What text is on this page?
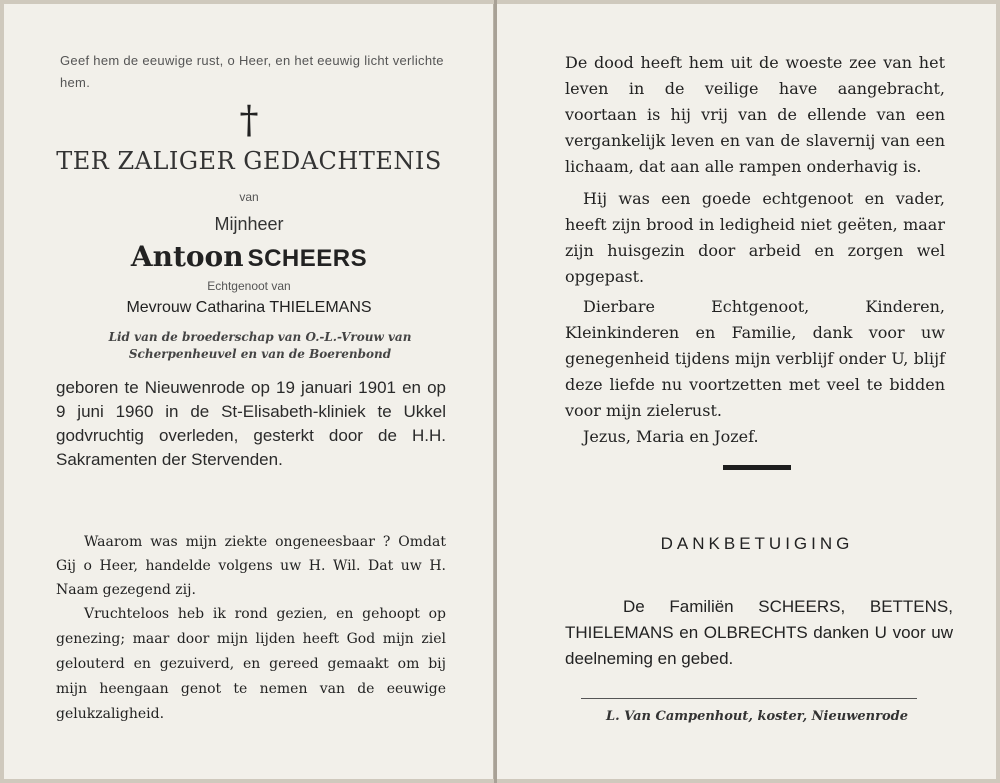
Geef hem de eeuwige rust, o Heer, en het eeuwig licht verlichte hem.
†
TER ZALIGER GEDACHTENIS
van
Mijnheer
Antoon SCHEERS
Echtgenoot van
Mevrouw Catharina THIELEMANS
Lid van de broederschap van O.-L.-Vrouw van Scherpenheuvel en van de Boerenbond
geboren te Nieuwenrode op 19 januari 1901 en op 9 juni 1960 in de St-Elisabeth-kliniek te Ukkel godvruchtig overleden, gesterkt door de H.H. Sakramenten der Stervenden.
Waarom was mijn ziekte ongeneesbaar ? Omdat Gij o Heer, handelde volgens uw H. Wil. Dat uw H. Naam gezegend zij.
Vruchteloos heb ik rond gezien, en gehoopt op genezing; maar door mijn lijden heeft God mijn ziel gelouterd en gezuiverd, en gereed gemaakt om bij mijn heengaan genot te nemen van de eeuwige gelukzaligheid.
De dood heeft hem uit de woeste zee van het leven in de veilige have aangebracht, voortaan is hij vrij van de ellende van een vergankelijk leven en van de slavernij van een lichaam, dat aan alle rampen onderhavig is.
Hij was een goede echtgenoot en vader, heeft zijn brood in ledigheid niet geëten, maar zijn huisgezin door arbeid en zorgen wel opgepast.
Dierbare Echtgenoot, Kinderen, Kleinkinderen en Familie, dank voor uw genegenheid tijdens mijn verblijf onder U, blijf deze liefde nu voortzetten met veel te bidden voor mijn zielerust.
Jezus, Maria en Jozef.
DANKBETUIGING
De Familiën SCHEERS, BETTENS, THIELEMANS en OLBRECHTS danken U voor uw deelneming en gebed.
L. Van Campenhout, koster, Nieuwenrode
